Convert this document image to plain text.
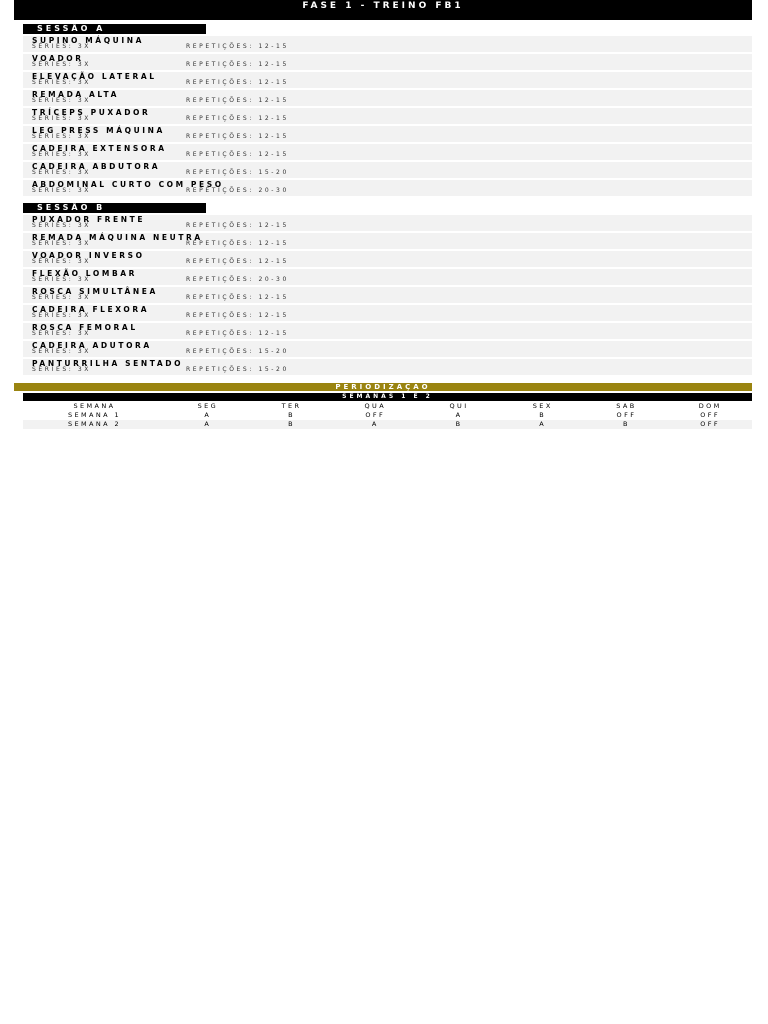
FASE 1 - TREINO FB1
SESSÃO A
SUPINO MÁQUINA
SÉRIES: 3X	REPETIÇÕES: 12-15
VOADOR
SÉRIES: 3X	REPETIÇÕES: 12-15
ELEVAÇÃO LATERAL
SÉRIES: 3X	REPETIÇÕES: 12-15
REMADA ALTA
SÉRIES: 3X	REPETIÇÕES: 12-15
TRÍCEPS PUXADOR
SÉRIES: 3X	REPETIÇÕES: 12-15
LEG PRESS MÁQUINA
SÉRIES: 3X	REPETIÇÕES: 12-15
CADEIRA EXTENSORA
SÉRIES: 3X	REPETIÇÕES: 12-15
CADEIRA ABDUTORA
SÉRIES: 3X	REPETIÇÕES: 15-20
ABDOMINAL CURTO COM PESO
SÉRIES: 3X	REPETIÇÕES: 20-30
SESSÃO B
PUXADOR FRENTE
SÉRIES: 3X	REPETIÇÕES: 12-15
REMADA MÁQUINA NEUTRA
SÉRIES: 3X	REPETIÇÕES: 12-15
VOADOR INVERSO
SÉRIES: 3X	REPETIÇÕES: 12-15
FLEXÃO LOMBAR
SÉRIES: 3X	REPETIÇÕES: 20-30
ROSCA SIMULTÂNEA
SÉRIES: 3X	REPETIÇÕES: 12-15
CADEIRA FLEXORA
SÉRIES: 3X	REPETIÇÕES: 12-15
ROSCA FEMORAL
SÉRIES: 3X	REPETIÇÕES: 12-15
CADEIRA ADUTORA
SÉRIES: 3X	REPETIÇÕES: 15-20
PANTURRILHA SENTADO
SÉRIES: 3X	REPETIÇÕES: 15-20
PERIODIZAÇÃO
SEMANAS 1 E 2
SEMANA	SEG	TER	QUA	QUI	SEX	SAB	DOM
SEMANA 1	A	B	OFF	A	B	OFF	OFF
SEMANA 2	A	B	A	B	A	B	OFF
